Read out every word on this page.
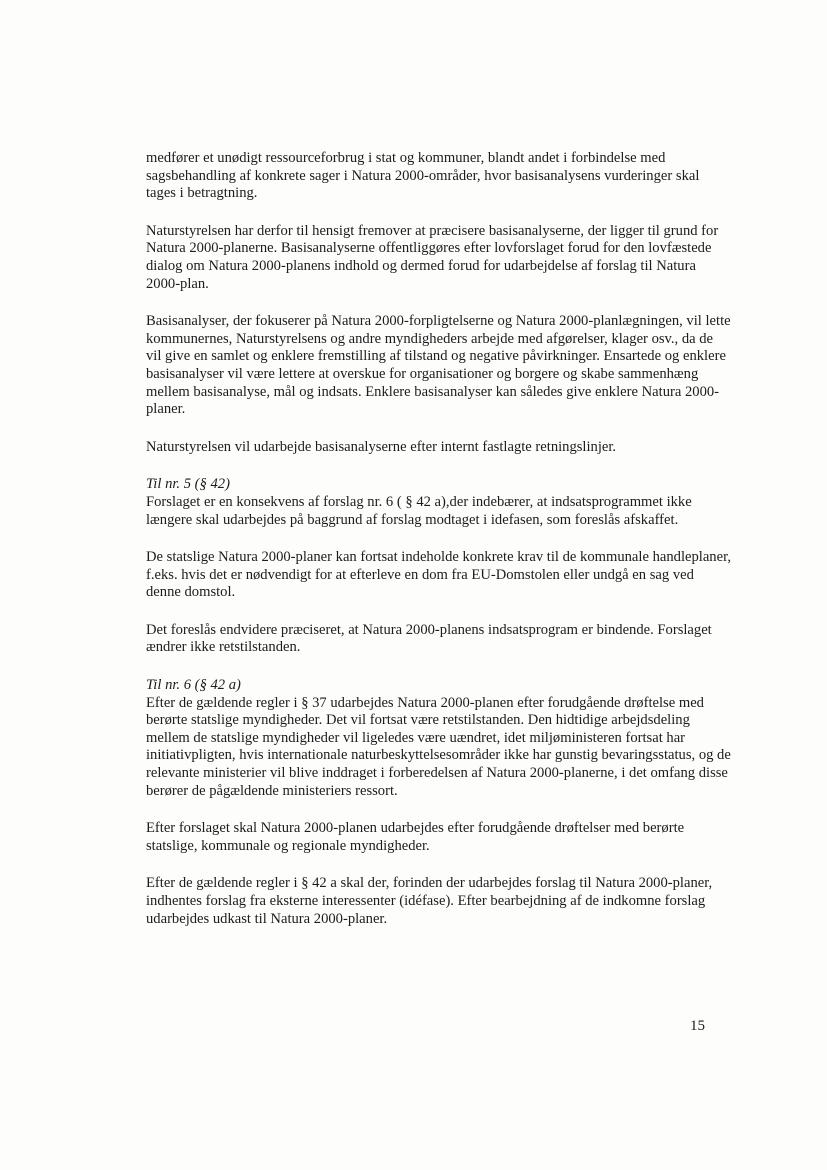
medfører et unødigt ressourceforbrug i stat og kommuner, blandt andet i forbindelse med sagsbehandling af konkrete sager i Natura 2000-områder, hvor basisanalysens vurderinger skal tages i betragtning.

Naturstyrelsen har derfor til hensigt fremover at præcisere basisanalyserne, der ligger til grund for Natura 2000-planerne. Basisanalyserne offentliggøres efter lovforslaget forud for den lovfæstede dialog om Natura 2000-planens indhold og dermed forud for udarbejdelse af forslag til Natura 2000-plan.

Basisanalyser, der fokuserer på Natura 2000-forpligtelserne og Natura 2000-planlægningen, vil lette kommunernes, Naturstyrelsens og andre myndigheders arbejde med afgørelser, klager osv., da de vil give en samlet og enklere fremstilling af tilstand og negative påvirkninger. Ensartede og enklere basisanalyser vil være lettere at overskue for organisationer og borgere og skabe sammenhæng mellem basisanalyse, mål og indsats. Enklere basisanalyser kan således give enklere Natura 2000-planer.

Naturstyrelsen vil udarbejde basisanalyserne efter internt fastlagte retningslinjer.

Til nr. 5 (§ 42)

Forslaget er en konsekvens af forslag nr. 6 ( § 42 a),der indebærer, at indsatsprogrammet ikke længere skal udarbejdes på baggrund af forslag modtaget i idefasen, som foreslås afskaffet.

De statslige Natura 2000-planer kan fortsat indeholde konkrete krav til de kommunale handleplaner, f.eks. hvis det er nødvendigt for at efterleve en dom fra EU-Domstolen eller undgå en sag ved denne domstol.

Det foreslås endvidere præciseret, at Natura 2000-planens indsatsprogram er bindende. Forslaget ændrer ikke retstilstanden.

Til nr. 6 (§ 42 a)

Efter de gældende regler i § 37 udarbejdes Natura 2000-planen efter forudgående drøftelse med berørte statslige myndigheder. Det vil fortsat være retstilstanden. Den hidtidige arbejdsdeling mellem de statslige myndigheder vil ligeledes være uændret, idet miljøministeren fortsat har initiativpligten, hvis internationale naturbeskyttelsesområder ikke har gunstig bevaringsstatus, og de relevante ministerier vil blive inddraget i forberedelsen af Natura 2000-planerne, i det omfang disse berører de pågældende ministeriers ressort.

Efter forslaget skal Natura 2000-planen udarbejdes efter forudgående drøftelser med berørte statslige, kommunale og regionale myndigheder.

Efter de gældende regler i § 42 a skal der, forinden der udarbejdes forslag til Natura 2000-planer, indhentes forslag fra eksterne interessenter (idéfase). Efter bearbejdning af de indkomne forslag udarbejdes udkast til Natura 2000-planer.

15
